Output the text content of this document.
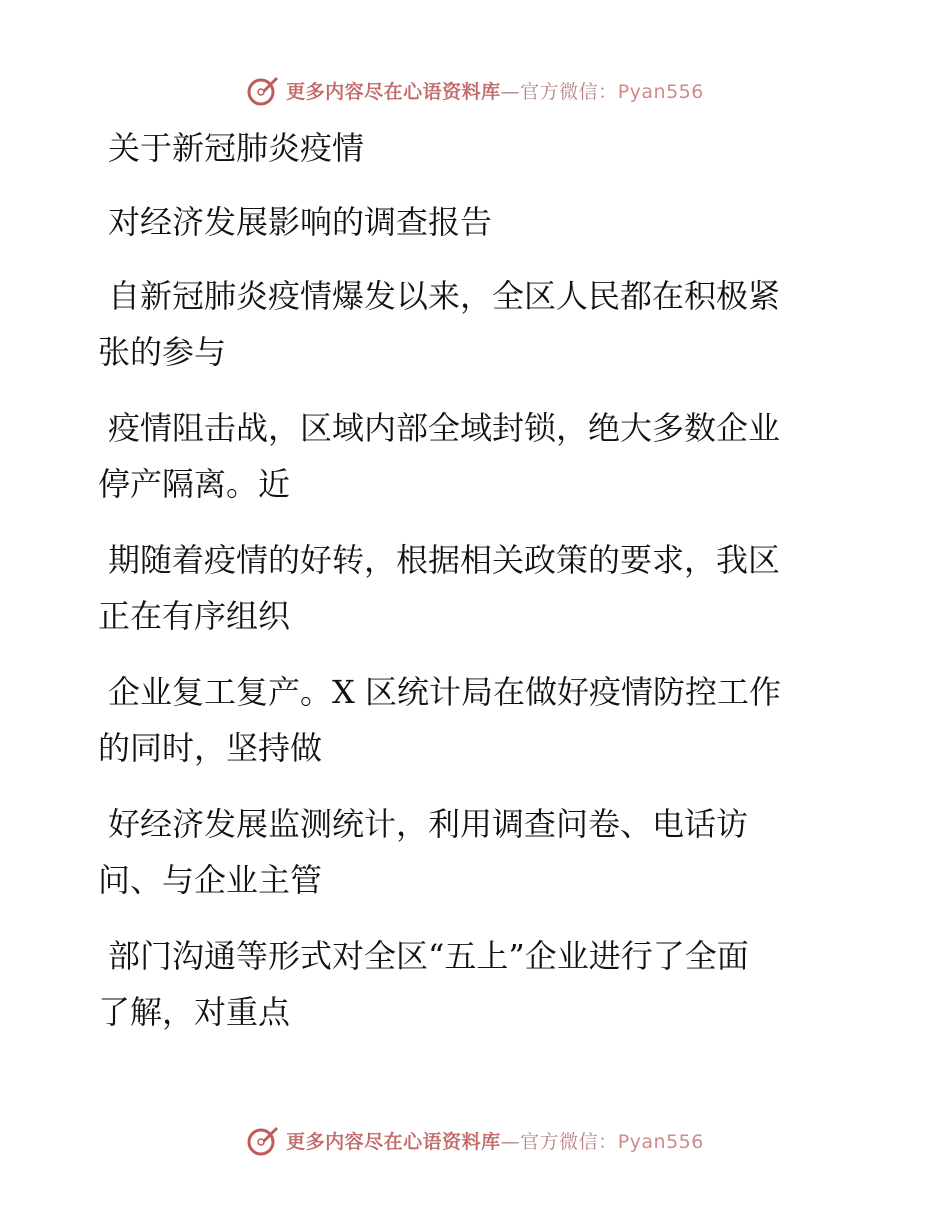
更多内容尽在心语资料库—官方微信：Pyan556
关于新冠肺炎疫情
对经济发展影响的调查报告
自新冠肺炎疫情爆发以来，全区人民都在积极紧
张的参与
疫情阻击战，区域内部全域封锁，绝大多数企业
停产隔离。近
期随着疫情的好转，根据相关政策的要求，我区
正在有序组织
企业复工复产。X 区统计局在做好疫情防控工作
的同时，坚持做
好经济发展监测统计，利用调查问卷、电话访
问、与企业主管
部门沟通等形式对全区“五上”企业进行了全面
了解，对重点
更多内容尽在心语资料库—官方微信：Pyan556
